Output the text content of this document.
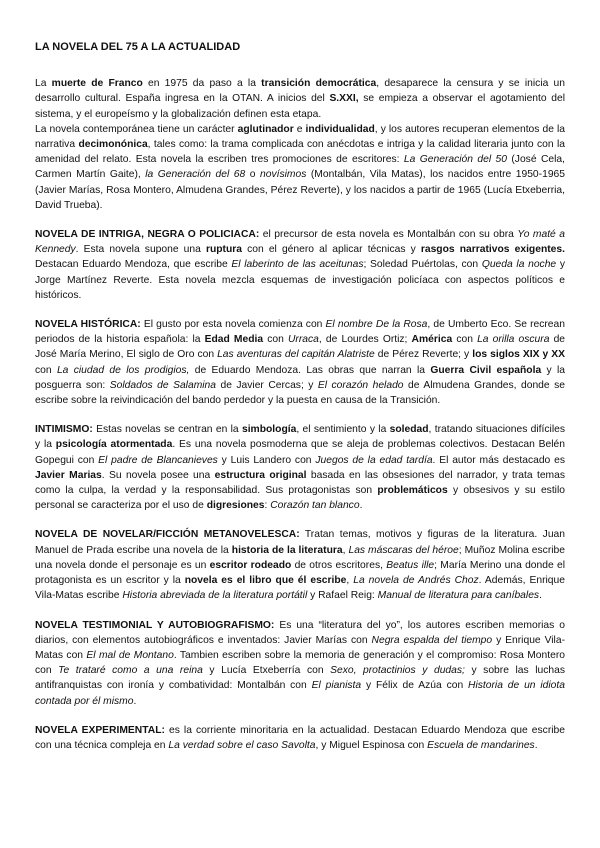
LA NOVELA DEL 75 A LA ACTUALIDAD

La muerte de Franco en 1975 da paso a la transición democrática, desaparece la censura y se inicia un desarrollo cultural. España ingresa en la OTAN. A inicios del S.XXI, se empieza a observar el agotamiento del sistema, y el europeísmo y la globalización definen esta etapa.

La novela contemporánea tiene un carácter aglutinador e individualidad, y los autores recuperan elementos de la narrativa decimonónica, tales como: la trama complicada con anécdotas e intriga y la calidad literaria junto con la amenidad del relato. Esta novela la escriben tres promociones de escritores: La Generación del 50 (José Cela, Carmen Martín Gaite), la Generación del 68 o novísimos (Montalbán, Vila Matas), los nacidos entre 1950-1965 (Javier Marías, Rosa Montero, Almudena Grandes, Pérez Reverte), y los nacidos a partir de 1965 (Lucía Etxeberria, David Trueba).

NOVELA DE INTRIGA, NEGRA O POLICIACA: el precursor de esta novela es Montalbán con su obra Yo maté a Kennedy. Esta novela supone una ruptura con el género al aplicar técnicas y rasgos narrativos exigentes. Destacan Eduardo Mendoza, que escribe El laberinto de las aceitunas; Soledad Puértolas, con Queda la noche y Jorge Martínez Reverte. Esta novela mezcla esquemas de investigación policíaca con aspectos políticos e históricos.

NOVELA HISTÓRICA: El gusto por esta novela comienza con El nombre De la Rosa, de Umberto Eco. Se recrean periodos de la historia española: la Edad Media con Urraca, de Lourdes Ortiz; América con La orilla oscura de José María Merino, El siglo de Oro con Las aventuras del capitán Alatriste de Pérez Reverte; y los siglos XIX y XX con La ciudad de los prodigios, de Eduardo Mendoza. Las obras que narran la Guerra Civil española y la posguerra son: Soldados de Salamina de Javier Cercas; y El corazón helado de Almudena Grandes, donde se escribe sobre la reivindicación del bando perdedor y la puesta en causa de la Transición.

INTIMISMO: Estas novelas se centran en la simbología, el sentimiento y la soledad, tratando situaciones difíciles y la psicología atormentada. Es una novela posmoderna que se aleja de problemas colectivos. Destacan Belén Gopegui con El padre de Blancanieves y Luis Landero con Juegos de la edad tardía. El autor más destacado es Javier Marias. Su novela posee una estructura original basada en las obsesiones del narrador, y trata temas como la culpa, la verdad y la responsabilidad. Sus protagonistas son problemáticos y obsesivos y su estilo personal se caracteriza por el uso de digresiones: Corazón tan blanco.

NOVELA DE NOVELAR/FICCIÓN METANOVELESCA: Tratan temas, motivos y figuras de la literatura. Juan Manuel de Prada escribe una novela de la historia de la literatura, Las máscaras del héroe; Muñoz Molina escribe una novela donde el personaje es un escritor rodeado de otros escritores, Beatus ille; María Merino una donde el protagonista es un escritor y la novela es el libro que él escribe, La novela de Andrés Choz. Además, Enrique Vila-Matas escribe Historia abreviada de la literatura portátil y Rafael Reig: Manual de literatura para caníbales.

NOVELA TESTIMONIAL Y AUTOBIOGRAFISMO: Es una “literatura del yo”, los autores escriben memorias o diarios, con elementos autobiográficos e inventados: Javier Marías con Negra espalda del tiempo y Enrique Vila-Matas con El mal de Montano. Tambien escriben sobre la memoria de generación y el compromiso: Rosa Montero con Te trataré como a una reina y Lucía Etxeberría con Sexo, protactinios y dudas; y sobre las luchas antifranquistas con ironía y combatividad: Montalbán con El pianista y Félix de Azúa con Historia de un idiota contada por él mismo.

NOVELA EXPERIMENTAL: es la corriente minoritaria en la actualidad. Destacan Eduardo Mendoza que escribe con una técnica compleja en La verdad sobre el caso Savolta, y Miguel Espinosa con Escuela de mandarines.
